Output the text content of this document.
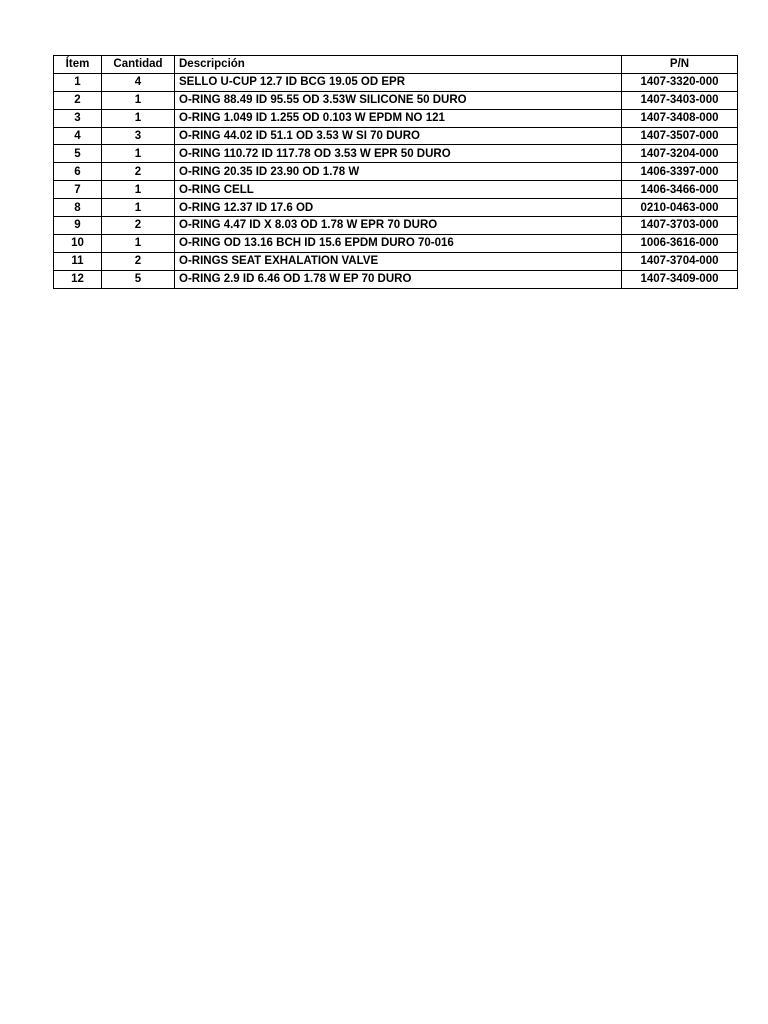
Ítem	Cantidad	Descripción	P/N
1	4	SELLO U-CUP 12.7 ID BCG 19.05 OD EPR	1407-3320-000
2	1	O-RING 88.49 ID 95.55 OD 3.53W SILICONE 50 DURO	1407-3403-000
3	1	O-RING 1.049 ID 1.255 OD 0.103 W EPDM NO 121	1407-3408-000
4	3	O-RING 44.02 ID 51.1 OD 3.53 W SI 70 DURO	1407-3507-000
5	1	O-RING 110.72 ID 117.78 OD 3.53 W EPR 50 DURO	1407-3204-000
6	2	O-RING 20.35 ID 23.90 OD 1.78 W	1406-3397-000
7	1	O-RING CELL	1406-3466-000
8	1	O-RING 12.37 ID 17.6 OD	0210-0463-000
9	2	O-RING 4.47 ID X 8.03 OD 1.78 W EPR 70 DURO	1407-3703-000
10	1	O-RING OD 13.16 BCH ID 15.6 EPDM DURO 70-016	1006-3616-000
11	2	O-RINGS SEAT EXHALATION VALVE	1407-3704-000
12	5	O-RING 2.9 ID 6.46 OD 1.78 W EP 70 DURO	1407-3409-000
